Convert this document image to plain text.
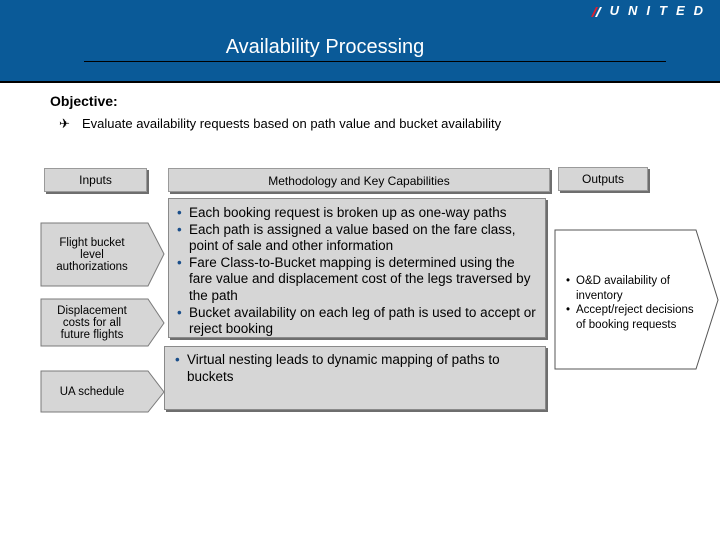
UNITED
Availability Processing
Objective:
✈ Evaluate availability requests based on path value and bucket availability
Inputs	Methodology and Key Capabilities	Outputs
Flight bucket level authorizations
Displacement costs for all future flights
UA schedule
• Each booking request is broken up as one-way paths
• Each path is assigned a value based on the fare class, point of sale and other information
• Fare Class-to-Bucket mapping is determined using the fare value and displacement cost of the legs traversed by the path
• Bucket availability on each leg of path is used to accept or reject booking
• Virtual nesting leads to dynamic mapping of paths to buckets
• O&D availability of inventory
• Accept/reject decisions of booking requests
